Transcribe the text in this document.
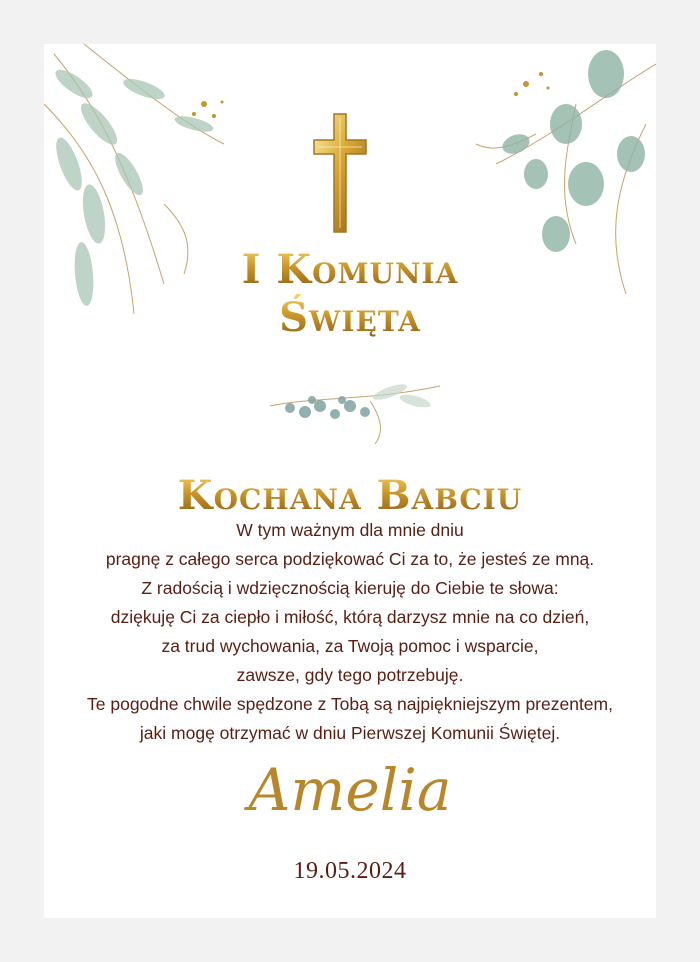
I Komunia
Święta
Kochana Babciu
W tym ważnym dla mnie dniu
pragnę z całego serca podziękować Ci za to, że jesteś ze mną.
Z radością i wdzięcznością kieruję do Ciebie te słowa:
dziękuję Ci za ciepło i miłość, którą darzysz mnie na co dzień,
za trud wychowania, za Twoją pomoc i wsparcie,
zawsze, gdy tego potrzebuję.
Te pogodne chwile spędzone z Tobą są najpiękniejszym prezentem,
jaki mogę otrzymać w dniu Pierwszej Komunii Świętej.
Amelia
19.05.2024
